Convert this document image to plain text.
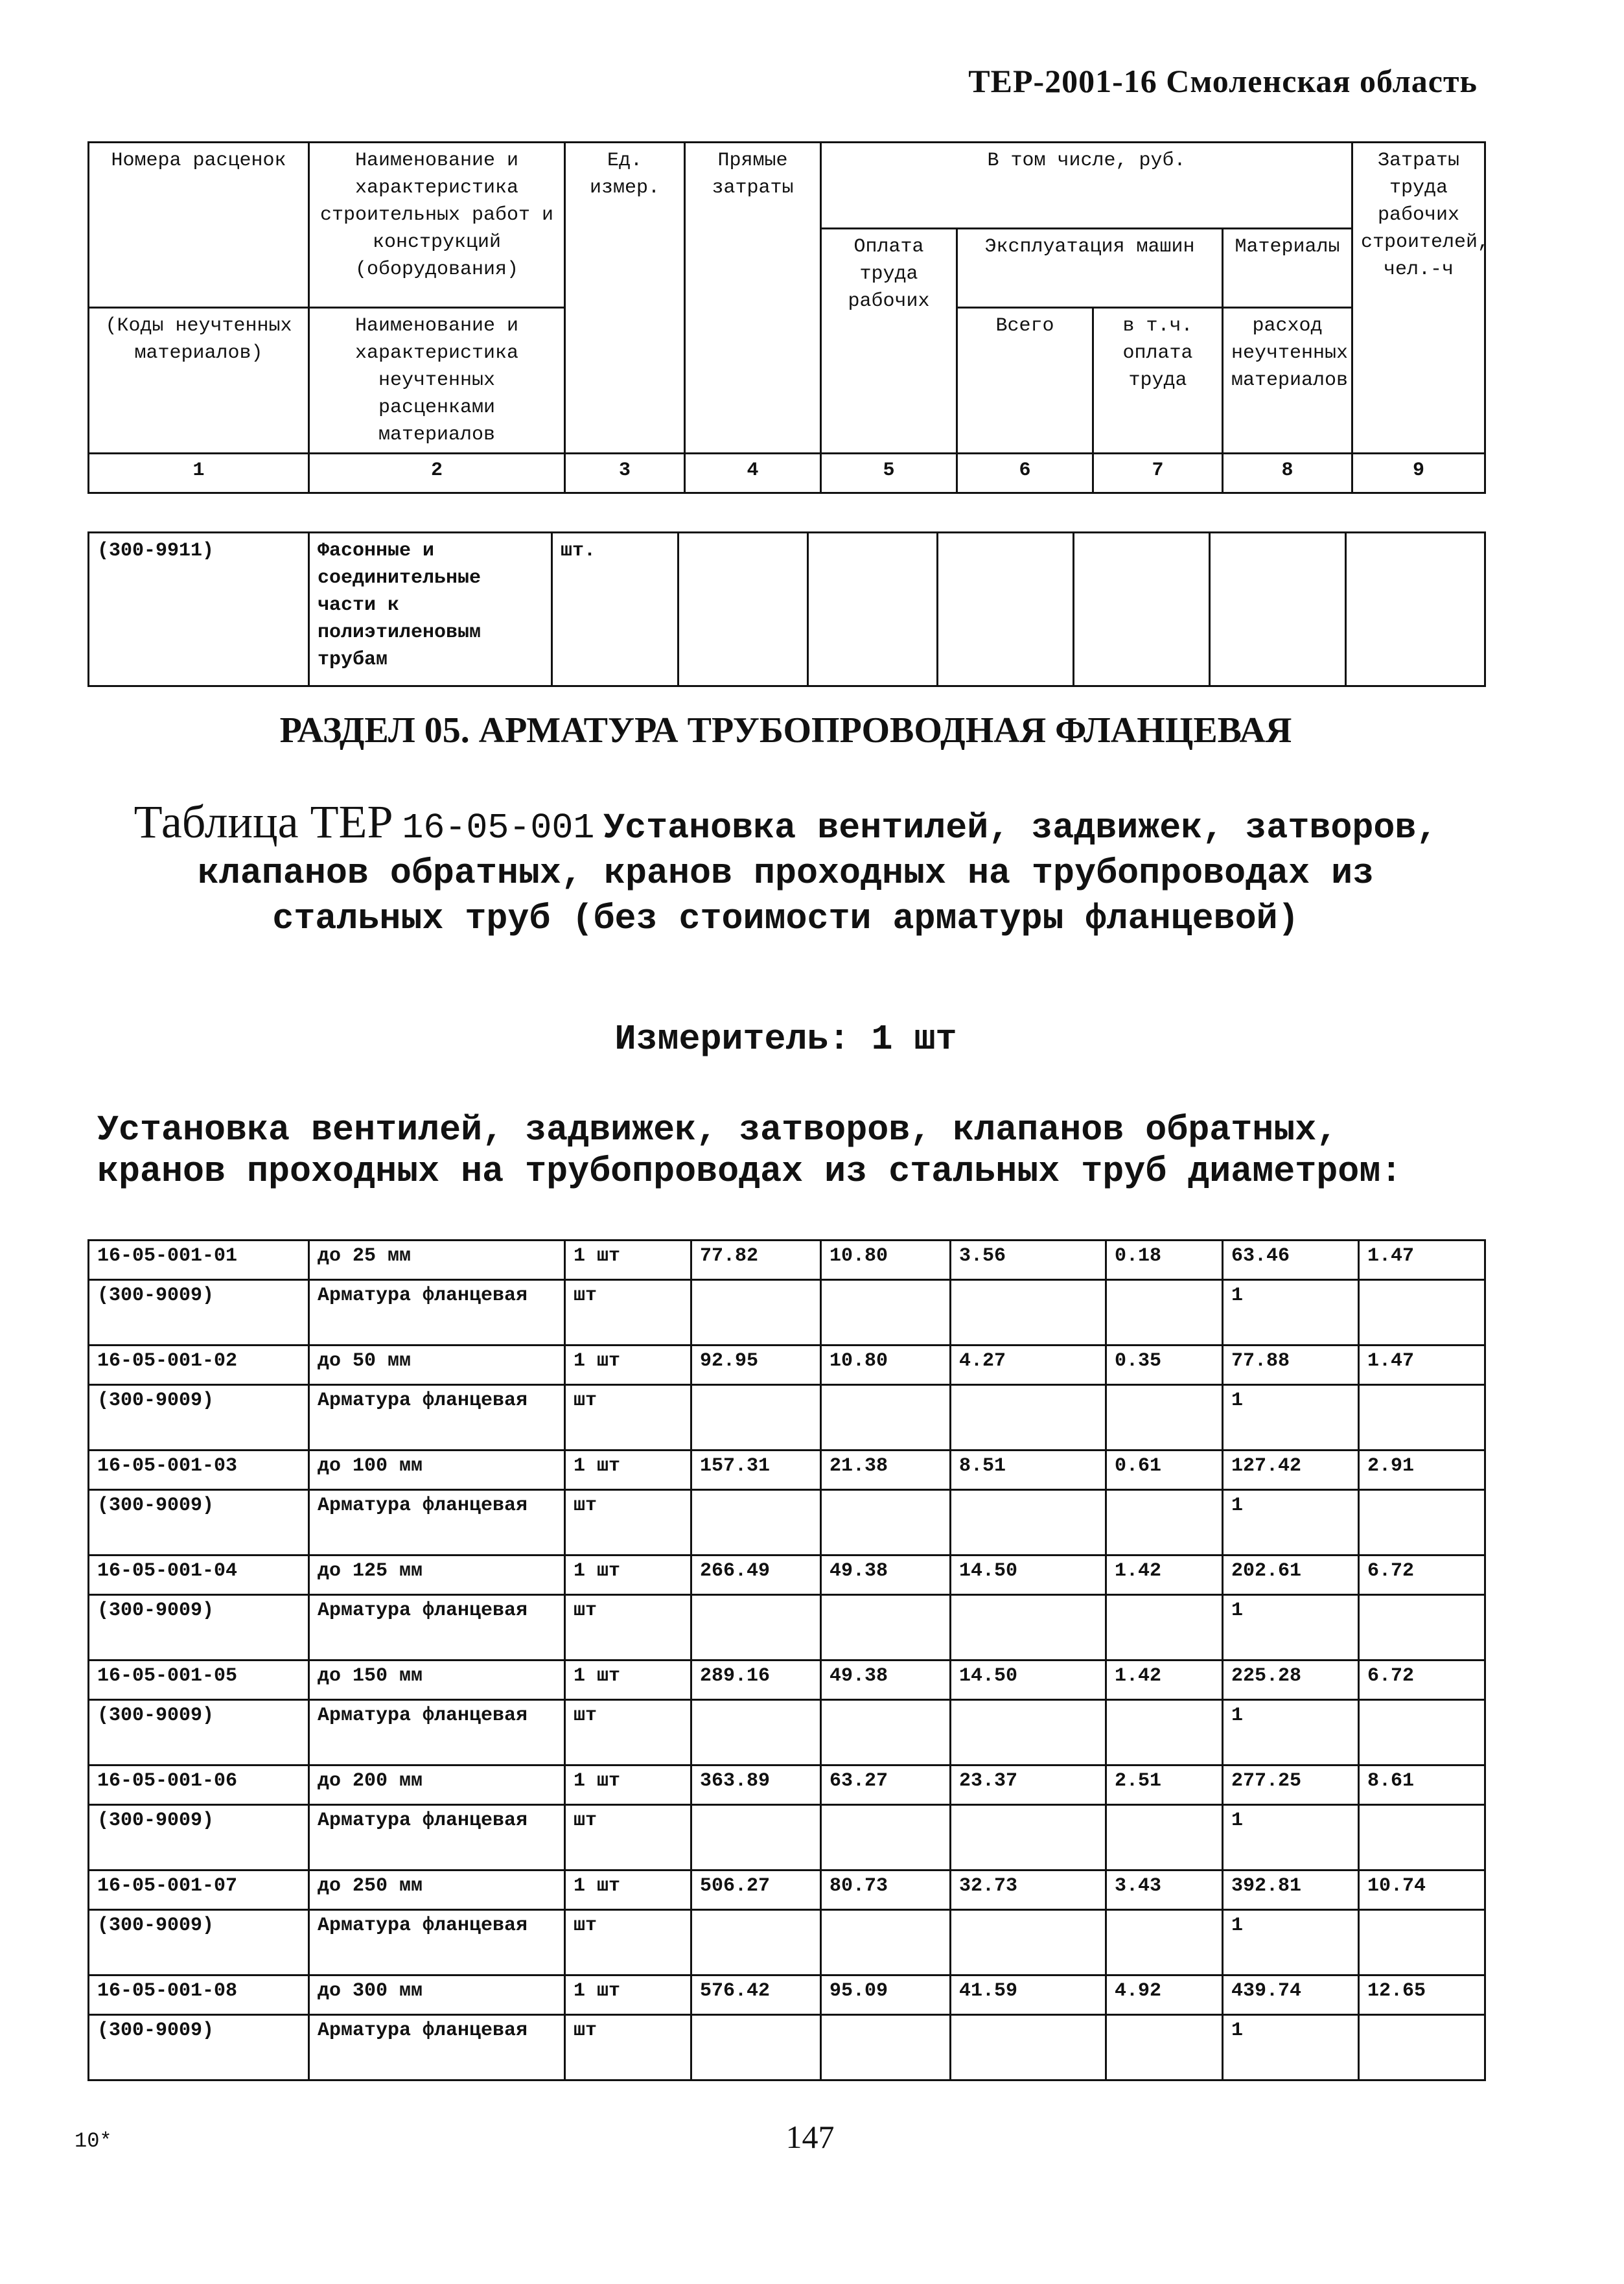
ТЕР-2001-16 Смоленская область
Номера расценок	Наименование и характеристика строительных работ и конструкций (оборудования)	Ед. измер.	Прямые затраты	В том числе, руб.				Затраты труда рабочих строителей, чел.-ч
				Оплата труда рабочих	Эксплуатация машин		Материалы	
(Коды неучтенных материалов)	Наименование и характеристика неучтенных расценками материалов				Всего	в т.ч. оплата труда	расход неучтенных материалов	
1	2	3	4	5	6	7	8	9
(300-9911)	Фасонные и соединительные части к полиэтиленовым трубам	шт.						
РАЗДЕЛ 05. АРМАТУРА ТРУБОПРОВОДНАЯ ФЛАНЦЕВАЯ
Таблица ТЕР 16-05-001 Установка вентилей, задвижек, затворов, клапанов обратных, кранов проходных на трубопроводах из стальных труб (без стоимости арматуры фланцевой)
Измеритель: 1 шт
Установка вентилей, задвижек, затворов, клапанов обратных, кранов проходных на трубопроводах из стальных труб диаметром:
16-05-001-01	до 25 мм	1 шт	77.82	10.80	3.56	0.18	63.46	1.47
(300-9009)	Арматура фланцевая	шт					1	
16-05-001-02	до 50 мм	1 шт	92.95	10.80	4.27	0.35	77.88	1.47
(300-9009)	Арматура фланцевая	шт					1	
16-05-001-03	до 100 мм	1 шт	157.31	21.38	8.51	0.61	127.42	2.91
(300-9009)	Арматура фланцевая	шт					1	
16-05-001-04	до 125 мм	1 шт	266.49	49.38	14.50	1.42	202.61	6.72
(300-9009)	Арматура фланцевая	шт					1	
16-05-001-05	до 150 мм	1 шт	289.16	49.38	14.50	1.42	225.28	6.72
(300-9009)	Арматура фланцевая	шт					1	
16-05-001-06	до 200 мм	1 шт	363.89	63.27	23.37	2.51	277.25	8.61
(300-9009)	Арматура фланцевая	шт					1	
16-05-001-07	до 250 мм	1 шт	506.27	80.73	32.73	3.43	392.81	10.74
(300-9009)	Арматура фланцевая	шт					1	
16-05-001-08	до 300 мм	1 шт	576.42	95.09	41.59	4.92	439.74	12.65
(300-9009)	Арматура фланцевая	шт					1	
10*	147
